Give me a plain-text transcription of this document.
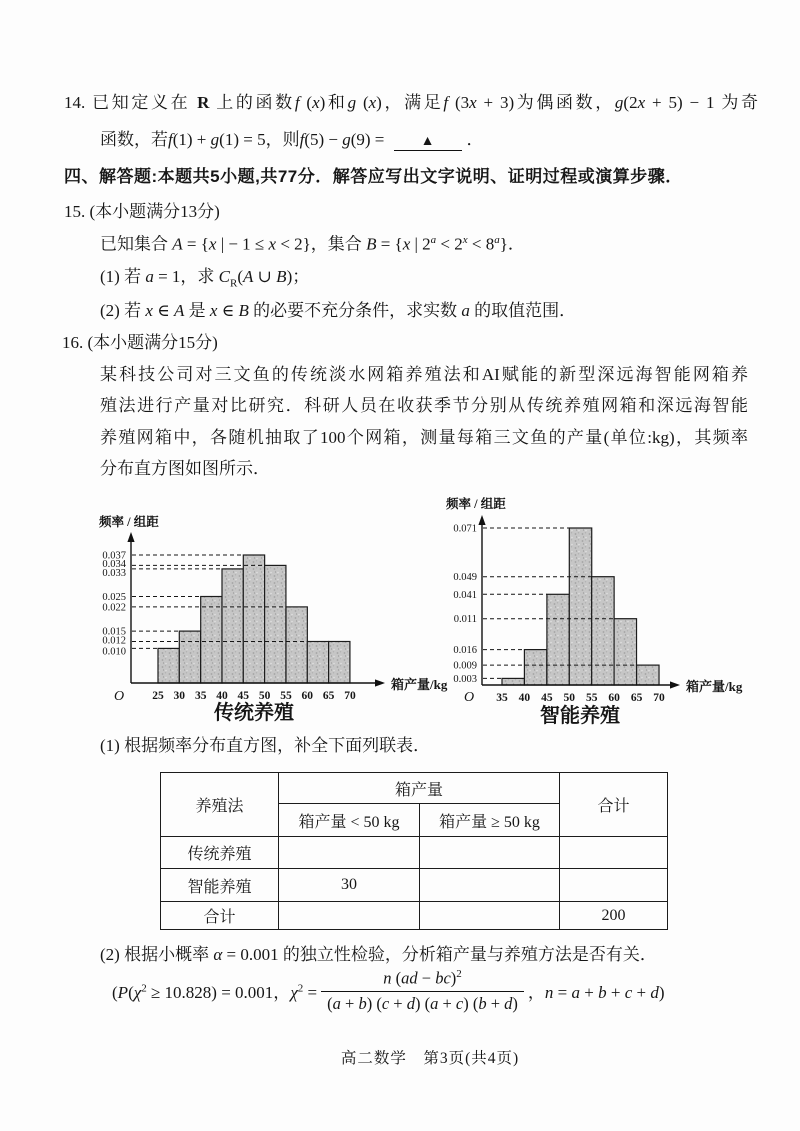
14. 已知定义在 R 上的函数f (x)和g (x)，满足f (3x + 3)为偶函数，g(2x + 5) − 1 为奇
函数，若f(1) + g(1) = 5，则f(5) − g(9) =	▲ ．
四、解答题:本题共5小题,共77分．解答应写出文字说明、证明过程或演算步骤．
15. (本小题满分13分)
已知集合 A = {x | − 1 ≤ x < 2}，集合 B = {x | $2^a < 2^x < 8^a$}．
(1) 若 a = 1，求 $C_R(A$ ∪ B)；
(2) 若 x ∈ A 是 x ∈ B 的必要不充分条件，求实数 a 的取值范围．
16. (本小题满分15分)
某科技公司对三文鱼的传统淡水网箱养殖法和AI赋能的新型深远海智能网箱养
殖法进行产量对比研究．科研人员在收获季节分别从传统养殖网箱和深远海智能
养殖网箱中，各随机抽取了100个网箱，测量每箱三文鱼的产量(单位:kg)，其频率
分布直方图如图所示．
0.037
0.034
0.033
0.025
0.022
0.015
0.012
0.010
25 30 35 40 45 50 55 60 65 70
O
频率 / 组距
箱产量/kg
传统养殖
0.071
0.049
0.041
0.011
0.016
0.009
0.003
35 40 45 50 55 60 65 70
O
频率 / 组距
箱产量/kg
智能养殖
(1) 根据频率分布直方图，补全下面列联表．
养殖法	箱产量		合计
	箱产量 < 50 kg	箱产量 ≥ 50 kg	
传统养殖			
智能养殖	30		
合计			200
(2) 根据小概率 α = 0.001 的独立性检验，分析箱产量与养殖方法是否有关．
($P(\chi^2 \ge 10.828) = 0.001$，$\chi^2 = \frac{n (ad - bc)^2}{(a + b) (c + d) (a + c) (b + d)}$ ，n = a + b + c + d)
高二数学　第3页(共4页)
